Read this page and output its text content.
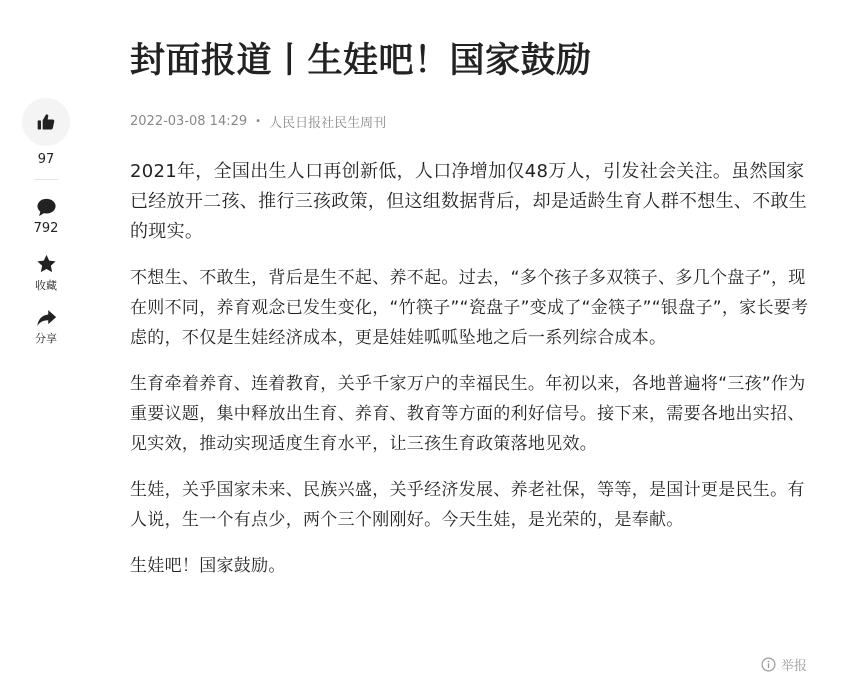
97
792
收藏
分享
封面报道丨生娃吧！国家鼓励
2022-03-08 14:29 • 人民日报社民生周刊

2021年，全国出生人口再创新低，人口净增加仅48万人，引发社会关注。虽然国家已经放开二孩、推行三孩政策，但这组数据背后，却是适龄生育人群不想生、不敢生的现实。

不想生、不敢生，背后是生不起、养不起。过去，“多个孩子多双筷子、多几个盘子”，现在则不同，养育观念已发生变化，“竹筷子”“瓷盘子”变成了“金筷子”“银盘子”，家长要考虑的，不仅是生娃经济成本，更是娃娃呱呱坠地之后一系列综合成本。

生育牵着养育、连着教育，关乎千家万户的幸福民生。年初以来，各地普遍将“三孩”作为重要议题，集中释放出生育、养育、教育等方面的利好信号。接下来，需要各地出实招、见实效，推动实现适度生育水平，让三孩生育政策落地见效。

生娃，关乎国家未来、民族兴盛，关乎经济发展、养老社保，等等，是国计更是民生。有人说，生一个有点少，两个三个刚刚好。今天生娃，是光荣的，是奉献。

生娃吧！国家鼓励。

举报
